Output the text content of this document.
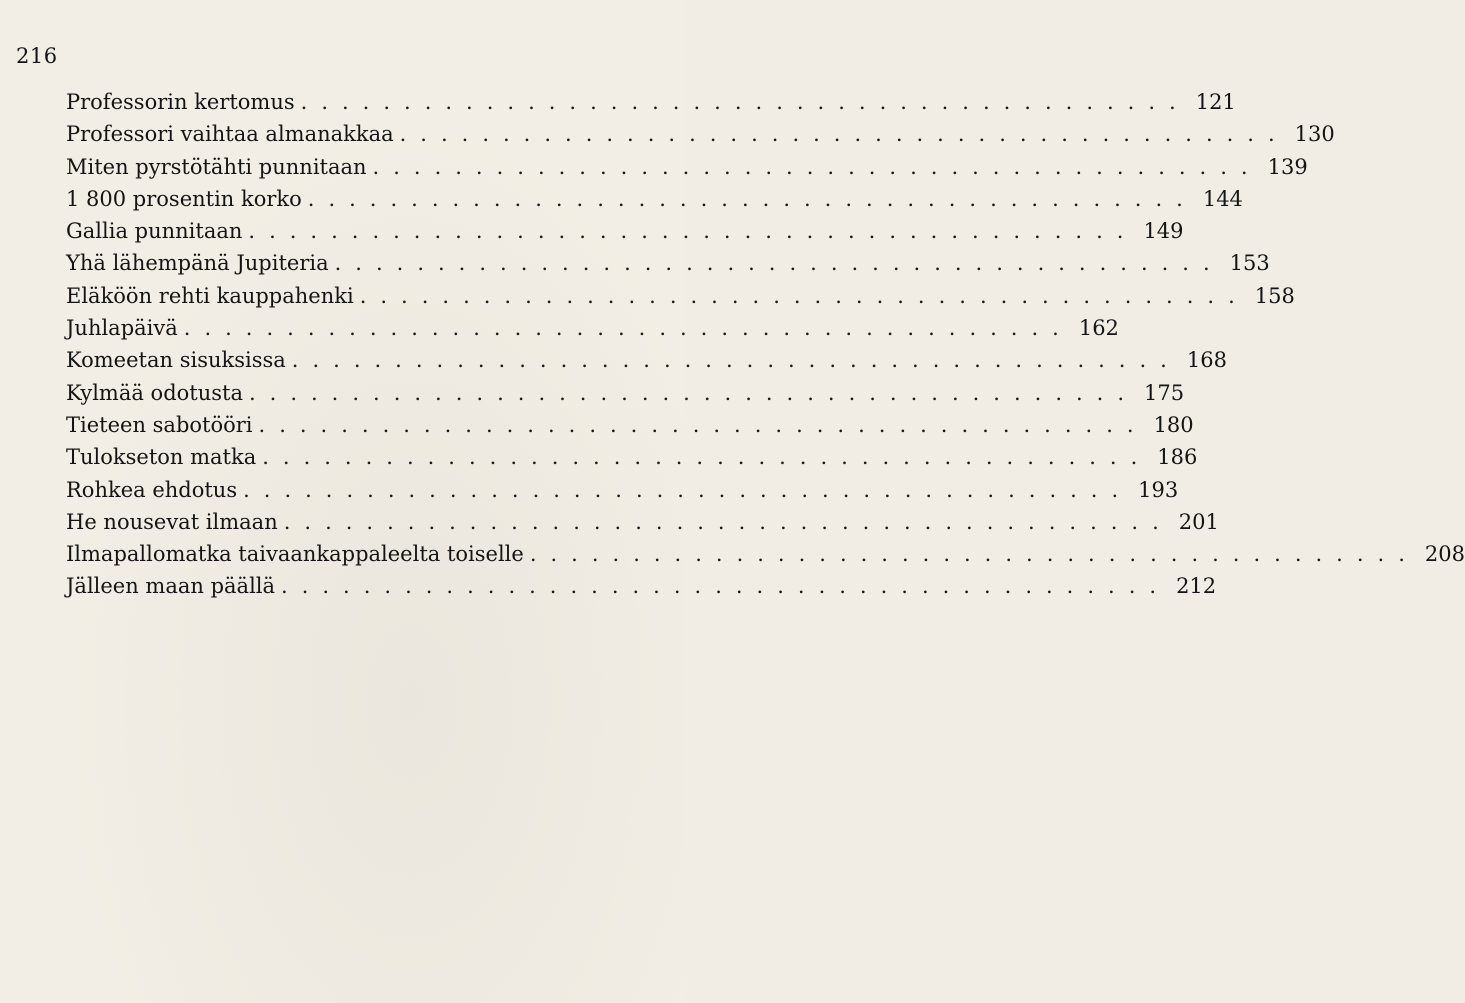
216
Professorin kertomus ........................................... 121
Professori vaihtaa almanakkaa ........................................... 130
Miten pyrstötähti punnitaan ........................................... 139
1 800 prosentin korko ........................................... 144
Gallia punnitaan ........................................... 149
Yhä lähempänä Jupiteria ........................................... 153
Eläköön rehti kauppahenki ........................................... 158
Juhlapäivä ........................................... 162
Komeetan sisuksissa ........................................... 168
Kylmää odotusta ........................................... 175
Tieteen sabotööri ........................................... 180
Tulokseton matka ........................................... 186
Rohkea ehdotus ........................................... 193
He nousevat ilmaan ........................................... 201
Ilmapallomatka taivaankappaleelta toiselle ........................................... 208
Jälleen maan päällä ........................................... 212
